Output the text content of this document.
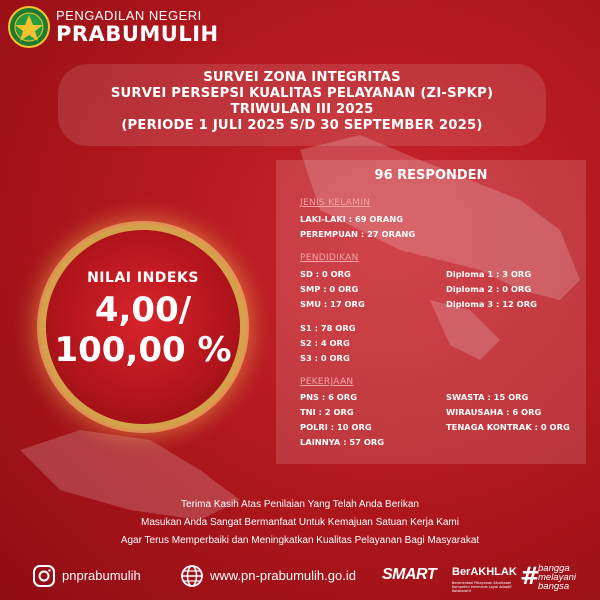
PENGADILAN NEGERI
PRABUMULIH
SURVEI ZONA INTEGRITAS
SURVEI PERSEPSI KUALITAS PELAYANAN (ZI-SPKP)
TRIWULAN III 2025
(PERIODE 1 JULI 2025 S/D 30 SEPTEMBER 2025)
NILAI INDEKS
4,00/
100,00 %
96 RESPONDEN
JENIS KELAMIN
LAKI-LAKI : 69 ORANG
PEREMPUAN : 27 ORANG
PENDIDIKAN
SD : 0 ORG
SMP : 0 ORG
SMU : 17 ORG
Diploma 1 : 3 ORG
Diploma 2 : 0 ORG
Diploma 3 : 12 ORG
S1 : 78 ORG
S2 : 4 ORG
S3 : 0 ORG
PEKERJAAN
PNS : 6 ORG
TNI : 2 ORG
POLRI : 10 ORG
LAINNYA : 57 ORG
SWASTA : 15 ORG
WIRAUSAHA : 6 ORG
TENAGA KONTRAK : 0 ORG
Terima Kasih Atas Penilaian Yang Telah Anda Berikan
Masukan Anda Sangat Bermanfaat Untuk Kemajuan Satuan Kerja Kami
Agar Terus Memperbaiki dan Meningkatkan Kualitas Pelayanan Bagi Masyarakat
pnprabumulih	www.pn-prabumulih.go.id SMART BerAKHLAK
Berorientasi Pelayanan Akuntabel Kompeten Harmonis Loyal Adaptif Kolaboratif
#
bangga
melayani
bangsa
